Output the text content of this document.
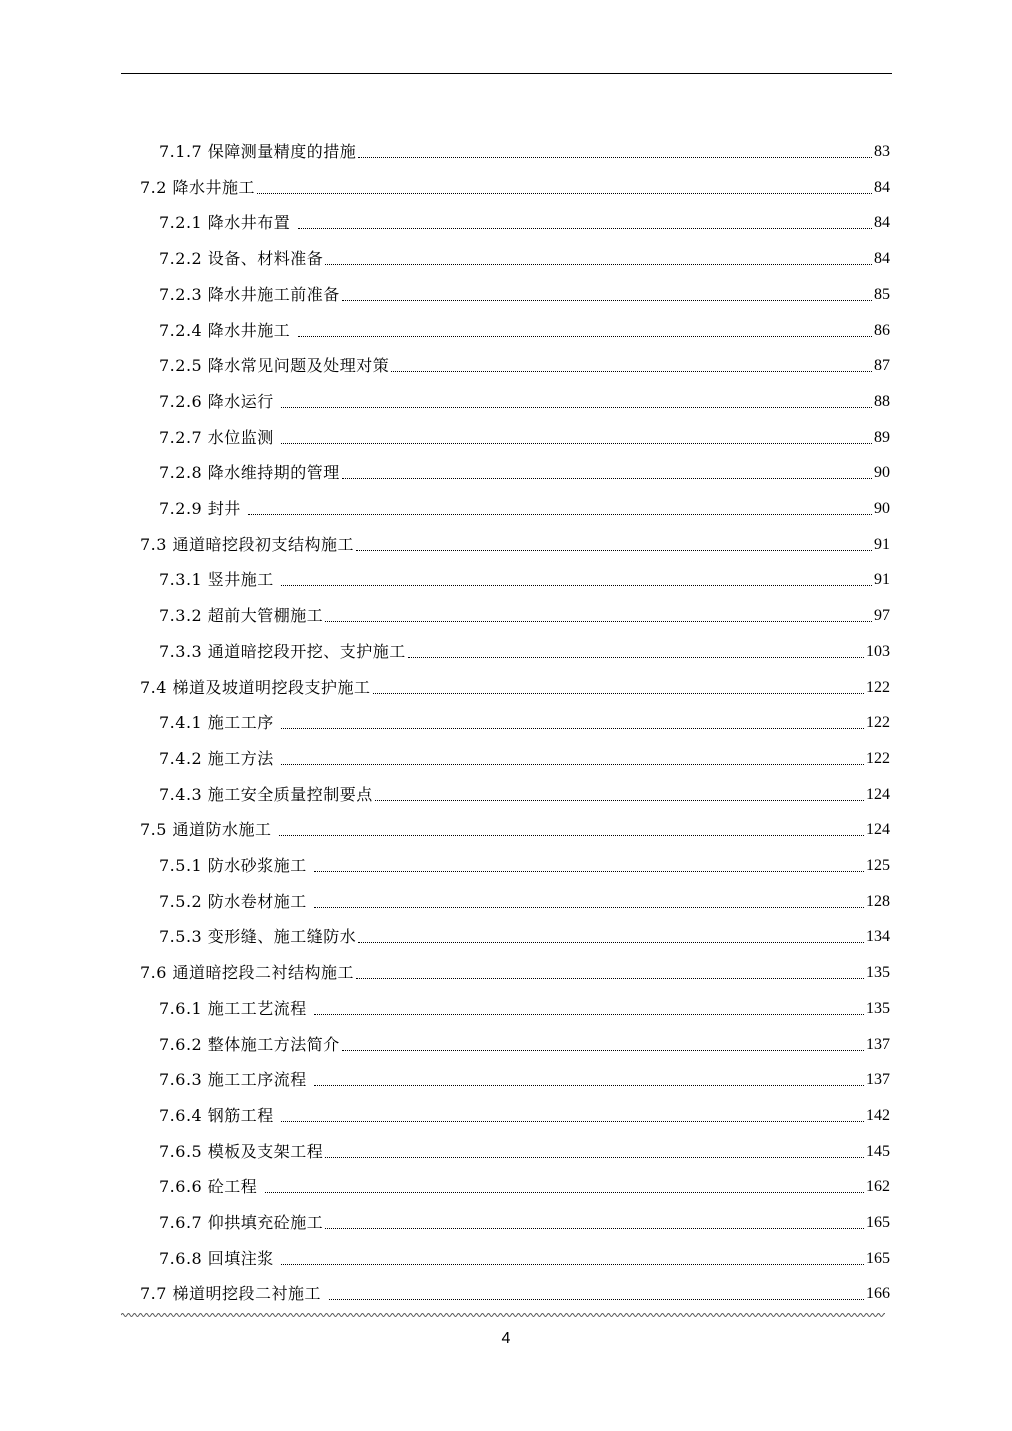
7.1.7 保障测量精度的措施	83
7.2 降水井施工	84
7.2.1 降水井布置	84
7.2.2 设备、材料准备	84
7.2.3 降水井施工前准备	85
7.2.4 降水井施工	86
7.2.5 降水常见问题及处理对策	87
7.2.6 降水运行	88
7.2.7 水位监测	89
7.2.8 降水维持期的管理	90
7.2.9 封井	90
7.3 通道暗挖段初支结构施工	91
7.3.1 竖井施工	91
7.3.2 超前大管棚施工	97
7.3.3 通道暗挖段开挖、支护施工	103
7.4 梯道及坡道明挖段支护施工	122
7.4.1 施工工序	122
7.4.2 施工方法	122
7.4.3 施工安全质量控制要点	124
7.5 通道防水施工	124
7.5.1 防水砂浆施工	125
7.5.2 防水卷材施工	128
7.5.3 变形缝、施工缝防水	134
7.6 通道暗挖段二衬结构施工	135
7.6.1 施工工艺流程	135
7.6.2 整体施工方法简介	137
7.6.3 施工工序流程	137
7.6.4 钢筋工程	142
7.6.5 模板及支架工程	145
7.6.6 砼工程	162
7.6.7 仰拱填充砼施工	165
7.6.8 回填注浆	165
7.7 梯道明挖段二衬施工	166
4
